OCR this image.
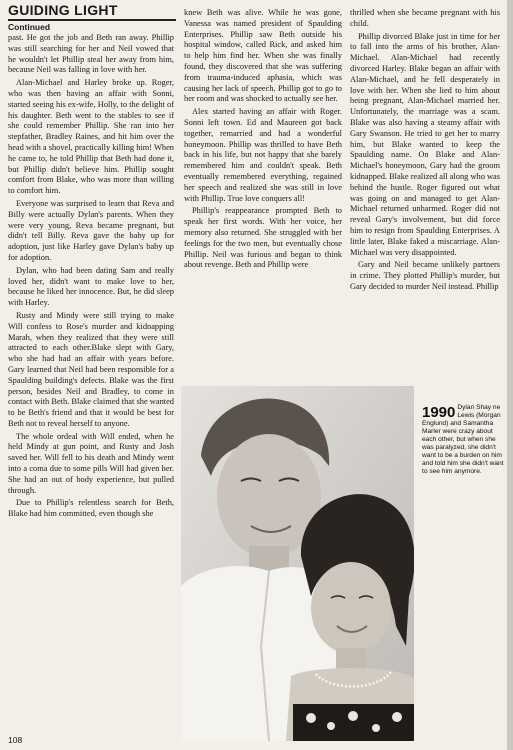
GUIDING LIGHT
Continued

past. He got the job and Beth ran away. Phillip was still searching for her and Neil vowed that he wouldn't let Phillip steal her away from him, because Neil was falling in love with her.

Alan-Michael and Harley broke up. Roger, who was then having an affair with Sonni, started seeing his ex-wife, Holly, to the delight of his daughter. Beth went to the stables to see if she could remember Phillip. She ran into her stepfather, Bradley Raines, and hit him over the head with a shovel, practically killing him! When he came to, he told Phillip that Beth had done it, but Phillip didn't believe him. Phillip sought comfort from Blake, who was more than willing to comfort him.

Everyone was surprised to learn that Reva and Billy were actually Dylan's parents. When they were very young, Reva became pregnant, but didn't tell Billy. Reva gave the baby up for adoption, just like Harley gave Dylan's baby up for adoption.

Dylan, who had been dating Sam and really loved her, didn't want to make love to her, because he liked her innocence. But, he did sleep with Harley.

Rusty and Mindy were still trying to make Will confess to Rose's murder and kidnapping Marah, when they realized that they were still attracted to each other.Blake slept with Gary, who she had had an affair with years before. Gary learned that Neil had been responsible for a Spaulding building's defects. Blake was the first person, besides Neil and Bradley, to come in contact with Beth. Blake claimed that she wanted to be Beth's friend and that it would be best for Beth not to reveal herself to anyone.

The whole ordeal with Will ended, when he held Mindy at gun point, and Rusty and Josh saved her. Will fell to his death and Mindy went into a coma due to some pills Will had given her. She had an out of body experience, but pulled through.

Due to Phillip's relentless search for Beth, Blake had him committed, even though she

knew Beth was alive. While he was gone, Vanessa was named president of Spaulding Enterprises. Phillip saw Beth outside his hospital window, called Rick, and asked him to help him find her. When she was finally found, they discovered that she was suffering from trauma-induced aphasia, which was causing her lack of speech. Phillip got to go to her room and was shocked to actually see her.

Alex started having an affair with Roger. Sonni left town. Ed and Maureen got back together, remarried and had a wonderful honeymoon. Phillip was thrilled to have Beth back in his life, but not happy that she barely remembered him and couldn't speak. Beth eventually remembered everything, regained her speech and realized she was still in love with Phillip. True love conquers all!

Phillip's reappearance prompted Beth to speak her first words. With her voice, her memory also returned. She struggled with her feelings for the two men, but eventually chose Phillip. Neil was furious and began to think about revenge. Beth and Phillip were

thrilled when she became pregnant with his child.

Phillip divorced Blake just in time for her to fall into the arms of his brother, Alan-Michael. Alan-Michael had recently divorced Harley. Blake began an affair with Alan-Michael, and he fell desperately in love with her. When she lied to him about being pregnant, Alan-Michael married her. Unfortunately, the marriage was a scam. Blake was also having a steamy affair with Gary Swanson. He tried to get her to marry him, but Blake wanted to keep the Spaulding name. On Blake and Alan-Michael's honeymoon, Gary had the groom kidnapped. Blake realized all along who was behind the hustle. Roger figured out what was going on and managed to get Alan-Michael returned unharmed. Roger did not reveal Gary's involvement, but did force him to resign from Spaulding Enterprises. A little later, Blake faked a miscarriage. Alan-Michael was very disappointed.

Gary and Neil became unlikely partners in crime. They plotted Phillip's murder, but Gary decided to murder Neil instead. Phillip

1990 Dylan Shay ne Lewis (Morgan Englund) and Samantha Marler were crazy about each other, but when she was paralyzed, she didn't want to be a burden on him and told him she didn't want to see him anymore.
108
